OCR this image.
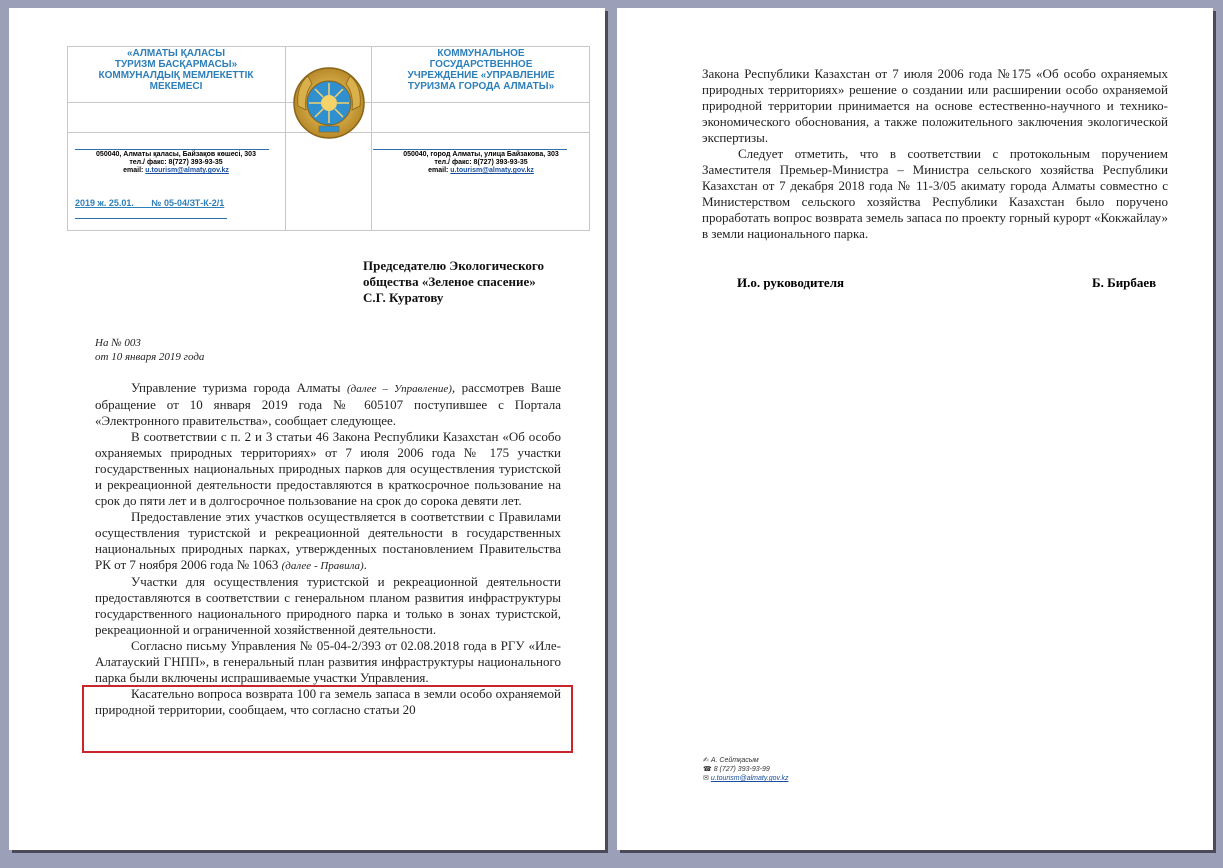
«АЛМАТЫ ҚАЛАСЫ
ТУРИЗМ БАСҚАРМАСЫ»
КОММУНАЛДЫҚ МЕМЛЕКЕТТІК
МЕКЕМЕСІ
КОММУНАЛЬНОЕ
ГОСУДАРСТВЕННОЕ
УЧРЕЖДЕНИЕ «УПРАВЛЕНИЕ
ТУРИЗМА ГОРОДА АЛМАТЫ»
050040, Алматы қаласы, Байзақов көшесі, 303
тел./ факс: 8(727) 393-93-35
email: u.tourism@almaty.gov.kz
050040, город Алматы, улица Байзакова, 303
тел./ факс: 8(727) 393-93-35
email: u.tourism@almaty.gov.kz
2019 ж. 25.01.       № 05-04/ЗТ-К-2/1
Председателю Экологического
общества «Зеленое спасение»
С.Г. Куратову
На № 003
от 10 января 2019 года

Управление туризма города Алматы (далее – Управление), рассмотрев Ваше обращение от 10 января 2019 года № 605107 поступившее с Портала «Электронного правительства», сообщает следующее.

В соответствии с п. 2 и 3 статьи 46 Закона Республики Казахстан «Об особо охраняемых природных территориях» от 7 июля 2006 года № 175 участки государственных национальных природных парков для осуществления туристской и рекреационной деятельности предоставляются в краткосрочное пользование на срок до пяти лет и в долгосрочное пользование на срок до сорока девяти лет.

Предоставление этих участков осуществляется в соответствии с Правилами осуществления туристской и рекреационной деятельности в государственных национальных природных парках, утвержденных постановлением Правительства РК от 7 ноября 2006 года № 1063 (далее - Правила).

Участки для осуществления туристской и рекреационной деятельности предоставляются в соответствии с генеральном планом развития инфраструктуры государственного национального природного парка и только в зонах туристской, рекреационной и ограниченной хозяйственной деятельности.

Согласно письму Управления № 05-04-2/393 от 02.08.2018 года в РГУ «Иле-Алатауский ГНПП», в генеральный план развития инфраструктуры национального парка были включены испрашиваемые участки Управления.

Касательно вопроса возврата 100 га земель запаса в земли особо охраняемой природной территории, сообщаем, что согласно статьи 20

Закона Республики Казахстан от 7 июля 2006 года №175 «Об особо охраняемых природных территориях» решение о создании или расширении особо охраняемой природной территории принимается на основе естественно-научного и технико-экономического обоснования, а также положительного заключения экологической экспертизы.

Следует отметить, что в соответствии с протокольным поручением Заместителя Премьер-Министра – Министра сельского хозяйства Республики Казахстан от 7 декабря 2018 года № 11-3/05 акимату города Алматы совместно с Министерством сельского хозяйства Республики Казахстан было поручено проработать вопрос возврата земель запаса по проекту горный курорт «Кокжайлау» в земли национального парка.

И.о. руководителя	Б. Бирбаев
✍ А. Сейтқасым
☎ 8 (727) 393-93-99
✉ u.tourism@almaty.gov.kz
